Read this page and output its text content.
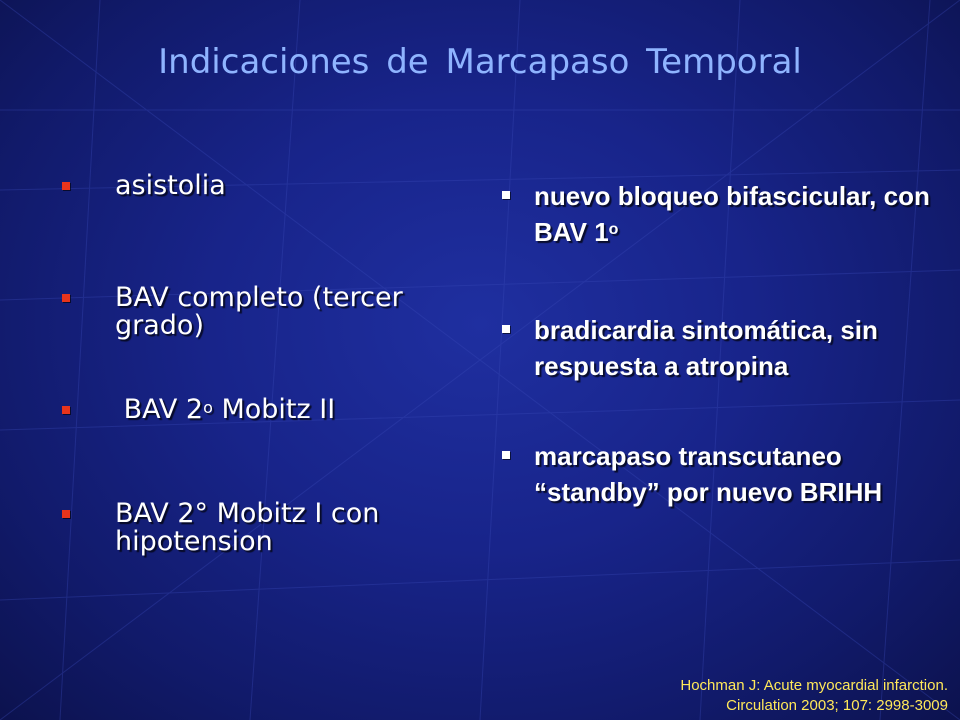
Indicaciones de Marcapaso Temporal
asistolia
BAV completo (tercer grado)
BAV 2$^o$ Mobitz II
BAV 2° Mobitz I con hipotension
nuevo bloqueo bifascicular, con BAV 1$^o$
bradicardia sintomática, sin respuesta a atropina
marcapaso transcutaneo “standby” por nuevo BRIHH
Hochman J: Acute myocardial infarction.
Circulation 2003; 107: 2998-3009
